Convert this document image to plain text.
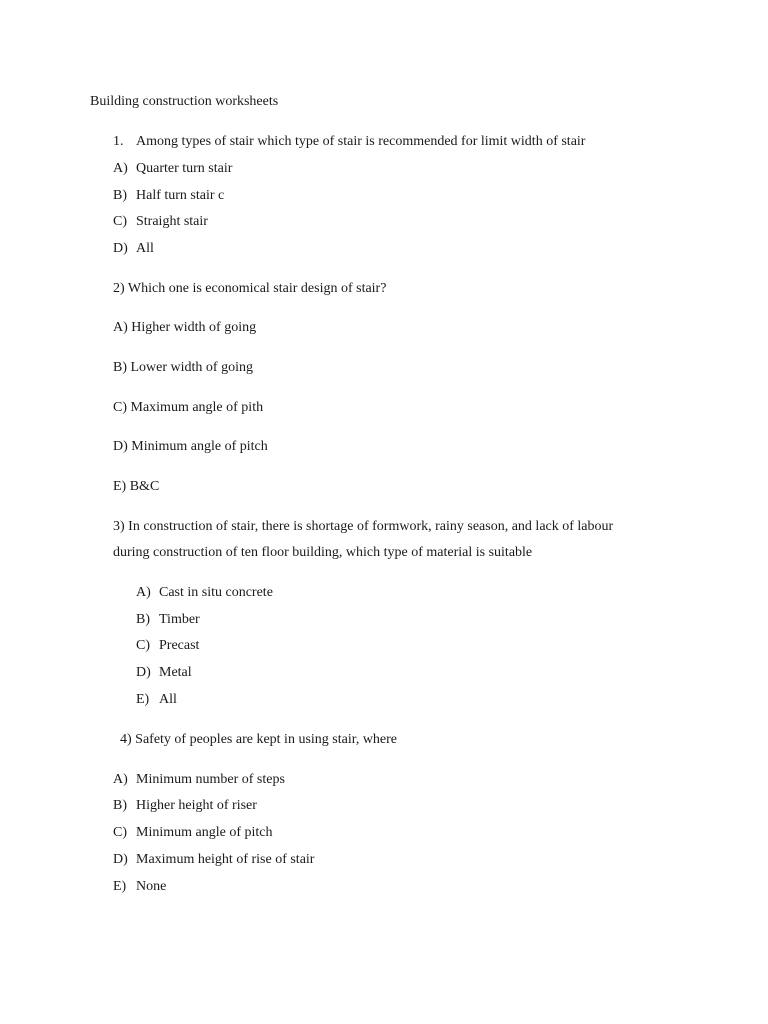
Building construction worksheets
1. Among types of stair which type of stair is recommended for limit width of stair
A) Quarter turn stair
B) Half turn stair c
C) Straight stair
D) All
2) Which one is economical stair design of stair?
A) Higher width of going
B) Lower width of going
C) Maximum angle of pith
D) Minimum angle of pitch
E) B&C
3) In construction of stair, there is shortage of formwork, rainy season, and lack of labour
during construction of ten floor building, which type of material is suitable
A) Cast in situ concrete
B) Timber
C) Precast
D) Metal
E) All
4) Safety of peoples are kept in using stair, where
A) Minimum number of steps
B) Higher height of riser
C) Minimum angle of pitch
D) Maximum height of rise of stair
E) None
